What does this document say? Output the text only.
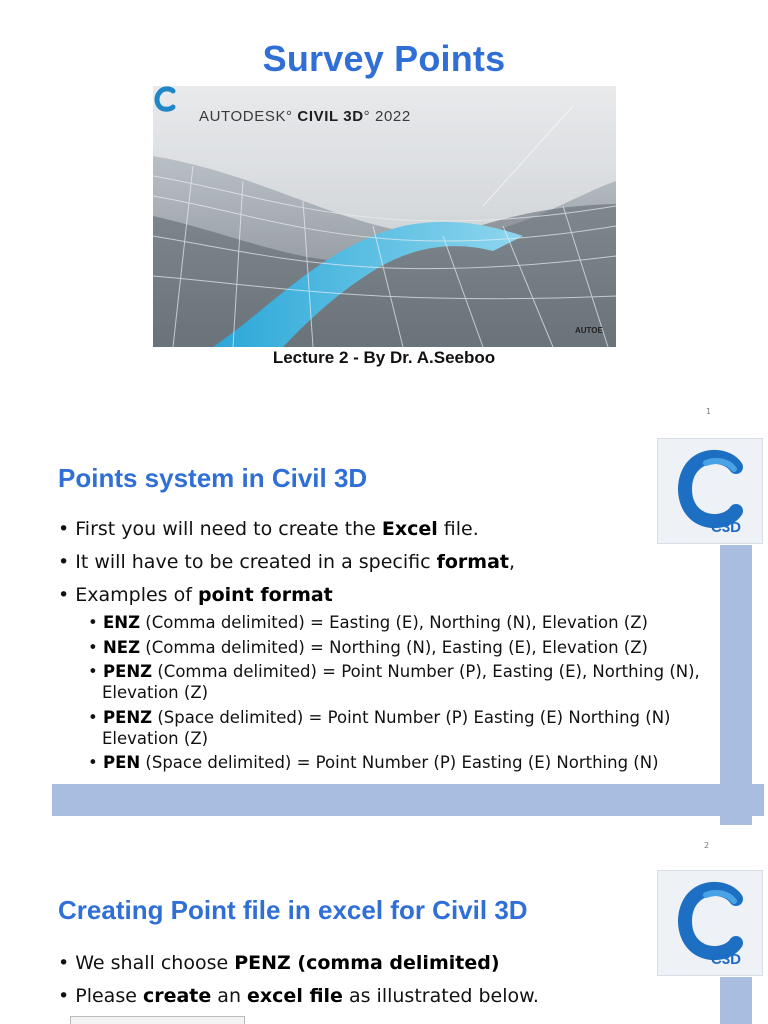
Survey Points
AUTODESK° CIVIL 3D° 2022
AUTOE
Lecture 2 - By Dr. A.Seeboo
1
Points system in Civil 3D
C3D
• First you will need to create the Excel file.
• It will have to be created in a specific format,
• Examples of point format
• ENZ (Comma delimited) = Easting (E), Northing (N), Elevation (Z)
• NEZ (Comma delimited) = Northing (N), Easting (E), Elevation (Z)
• PENZ (Comma delimited) = Point Number (P), Easting (E), Northing (N), Elevation (Z)
• PENZ (Space delimited) = Point Number (P) Easting (E) Northing (N) Elevation (Z)
• PEN (Space delimited) = Point Number (P) Easting (E) Northing (N)
2
Creating Point file in excel for Civil 3D
C3D
• We shall choose PENZ (comma delimited)
• Please create an excel file as illustrated below.
